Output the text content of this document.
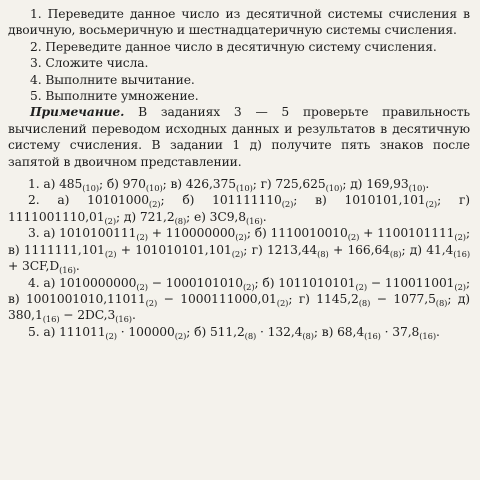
1. Переведите данное число из десятичной системы счисления в двоичную, восьмеричную и шестнадцатеричную системы счисления.

2. Переведите данное число в десятичную систему счисления.

3. Сложите числа.

4. Выполните вычитание.

5. Выполните умножение.

Примечание. В заданиях 3 — 5 проверьте правильность вычислений переводом исходных данных и результатов в десятичную систему счисления. В задании 1 д) получите пять знаков после запятой в двоичном представлении.

1. а) $485_{(10)}$; б) $970_{(10)}$; в) $426,375_{(10)}$; г) $725,625_{(10)}$; д) $169,93_{(10)}$.

2. а) $10101000_{(2)}$; б) $101111110_{(2)}$; в) $1010101,101_{(2)}$; г) $1111001110,01_{(2)}$; д) $721,2_{(8)}$; е) $3C9,8_{(16)}$.

3. а) $1010100111_{(2)} + 110000000_{(2)}$; б) $1110010010_{(2)} + 1100101111_{(2)}$; в) $1111111,101_{(2)} + 101010101,101_{(2)}$; г) $1213,44_{(8)} + 166,64_{(8)}$; д) $41,4_{(16)} + 3CF,D_{(16)}$.

4. а) $1010000000_{(2)} - 1000101010_{(2)}$; б) $1011010101_{(2)} - 110011001_{(2)}$; в) $1001001010,11011_{(2)} - 1000111000,01_{(2)}$; г) $1145,2_{(8)} - 1077,5_{(8)}$; д) $380,1_{(16)} - 2DC,3_{(16)}$.

5. а) $111011_{(2)} \cdot 100000_{(2)}$; б) $511,2_{(8)} \cdot 132,4_{(8)}$; в) $68,4_{(16)} \cdot 37,8_{(16)}$.
